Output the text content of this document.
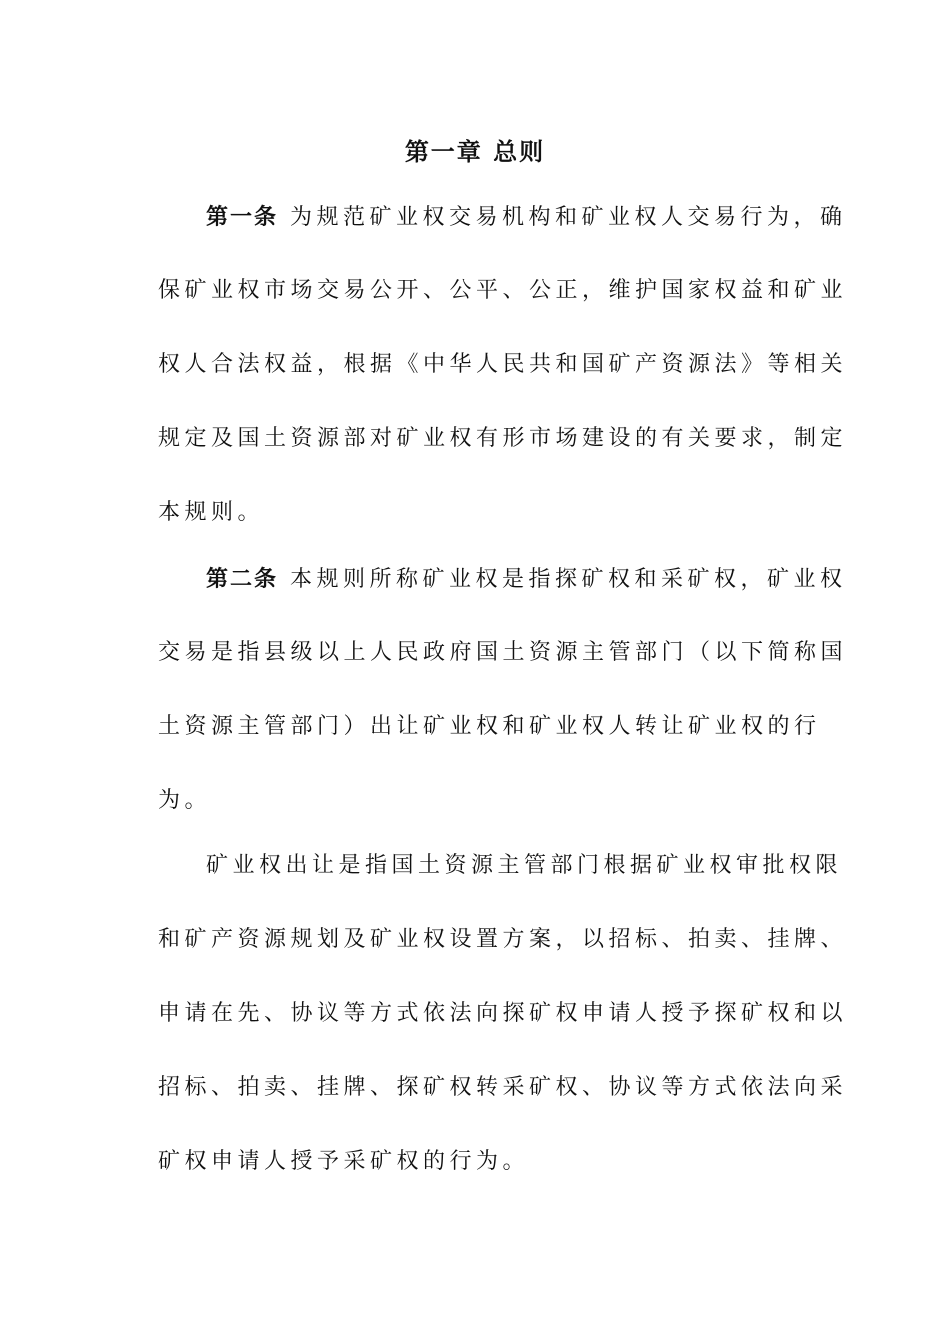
第一章 总则
第一条 为规范矿业权交易机构和矿业权人交易行为，确
保矿业权市场交易公开、公平、公正，维护国家权益和矿业
权人合法权益，根据《中华人民共和国矿产资源法》等相关
规定及国土资源部对矿业权有形市场建设的有关要求，制定
本规则。
第二条 本规则所称矿业权是指探矿权和采矿权，矿业权
交易是指县级以上人民政府国土资源主管部门（以下简称国
土资源主管部门）出让矿业权和矿业权人转让矿业权的行
为。
矿业权出让是指国土资源主管部门根据矿业权审批权限
和矿产资源规划及矿业权设置方案，以招标、拍卖、挂牌、
申请在先、协议等方式依法向探矿权申请人授予探矿权和以
招标、拍卖、挂牌、探矿权转采矿权、协议等方式依法向采
矿权申请人授予采矿权的行为。
